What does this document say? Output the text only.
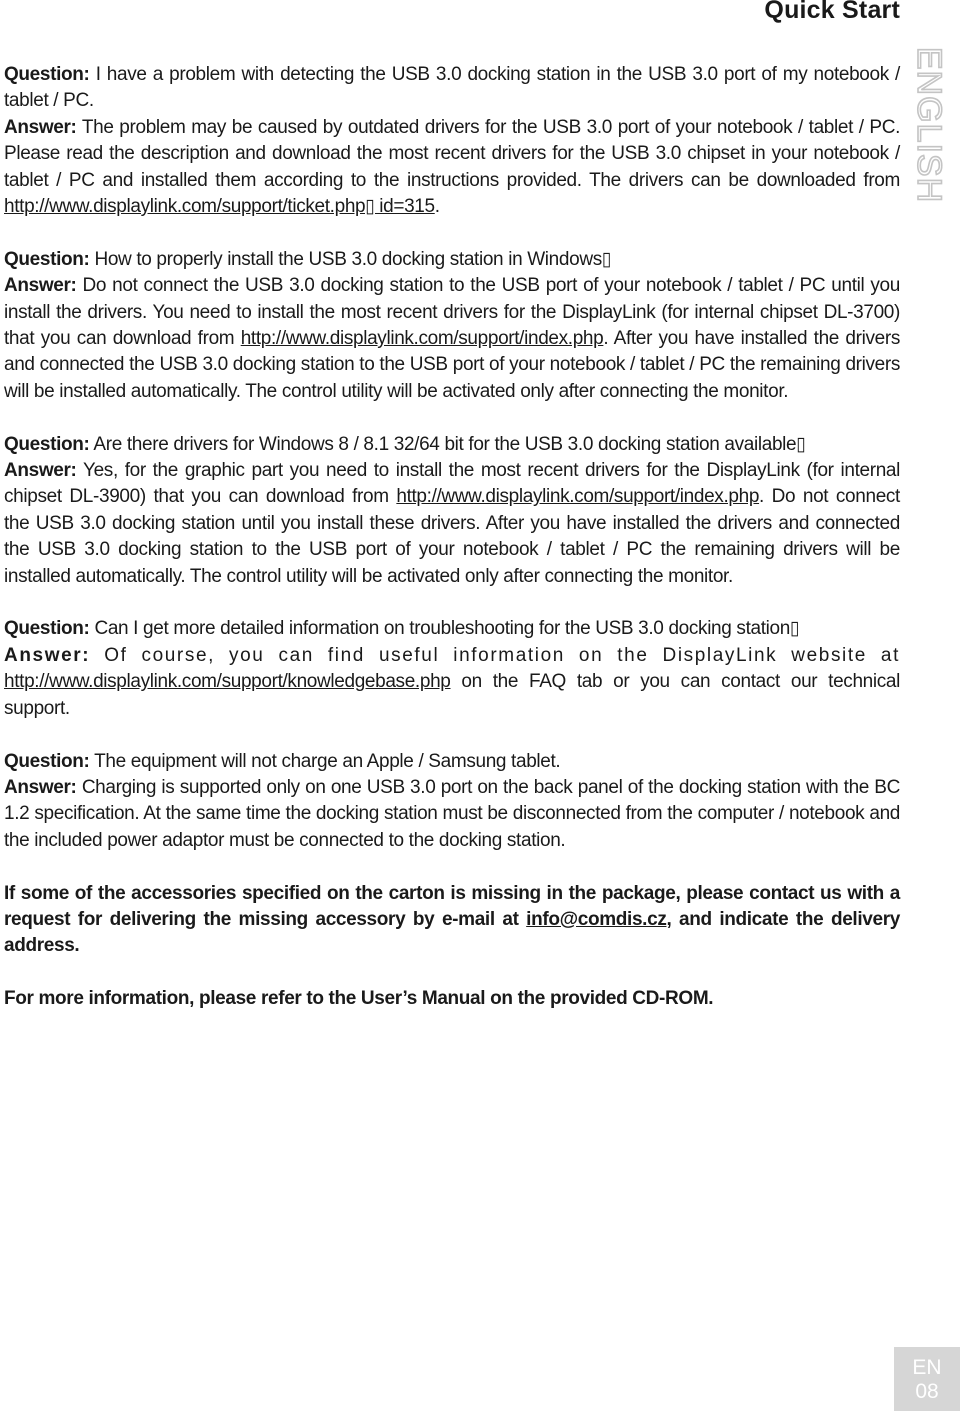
Quick Start
ENGLISH

Question: I have a problem with detecting the USB 3.0 docking station in the USB 3.0 port of my notebook / tablet / PC.

Answer: The problem may be caused by outdated drivers for the USB 3.0 port of your notebook / tablet / PC. Please read the description and download the most recent drivers for the USB 3.0 chipset in your notebook / tablet / PC and installed them according to the instructions provided. The drivers can be downloaded from http://www.displaylink.com/support/ticket.php▯ id=315.

Question: How to properly install the USB 3.0 docking station in Windows▯

Answer: Do not connect the USB 3.0 docking station to the USB port of your notebook / tablet / PC until you install the drivers. You need to install the most recent drivers for the DisplayLink (for internal chipset DL-3700) that you can download from http://www.displaylink.com/support/index.php. After you have installed the drivers and connected the USB 3.0 docking station to the USB port of your notebook / tablet / PC the remaining drivers will be installed automatically. The control utility will be activated only after connecting the monitor.

Question: Are there drivers for Windows 8 / 8.1 32/64 bit for the USB 3.0 docking station available▯

Answer: Yes, for the graphic part you need to install the most recent drivers for the DisplayLink (for internal chipset DL-3900) that you can download from http://www.displaylink.com/support/index.php. Do not connect the USB 3.0 docking station until you install these drivers. After you have installed the drivers and connected the USB 3.0 docking station to the USB port of your notebook / tablet / PC the remaining drivers will be installed automatically. The control utility will be activated only after connecting the monitor.

Question: Can I get more detailed information on troubleshooting for the USB 3.0 docking station▯

Answer: Of course, you can find useful information on the DisplayLink website at http://www.displaylink.com/support/knowledgebase.php on the FAQ tab or you can contact our technical support.

Question: The equipment will not charge an Apple / Samsung tablet.

Answer: Charging is supported only on one USB 3.0 port on the back panel of the docking station with the BC 1.2 specification. At the same time the docking station must be disconnected from the computer / notebook and the included power adaptor must be connected to the docking station.

If some of the accessories specified on the carton is missing in the package, please contact us with a request for delivering the missing accessory by e-mail at info@comdis.cz, and indicate the delivery address.

For more information, please refer to the User’s Manual on the provided CD-ROM.

EN
08
